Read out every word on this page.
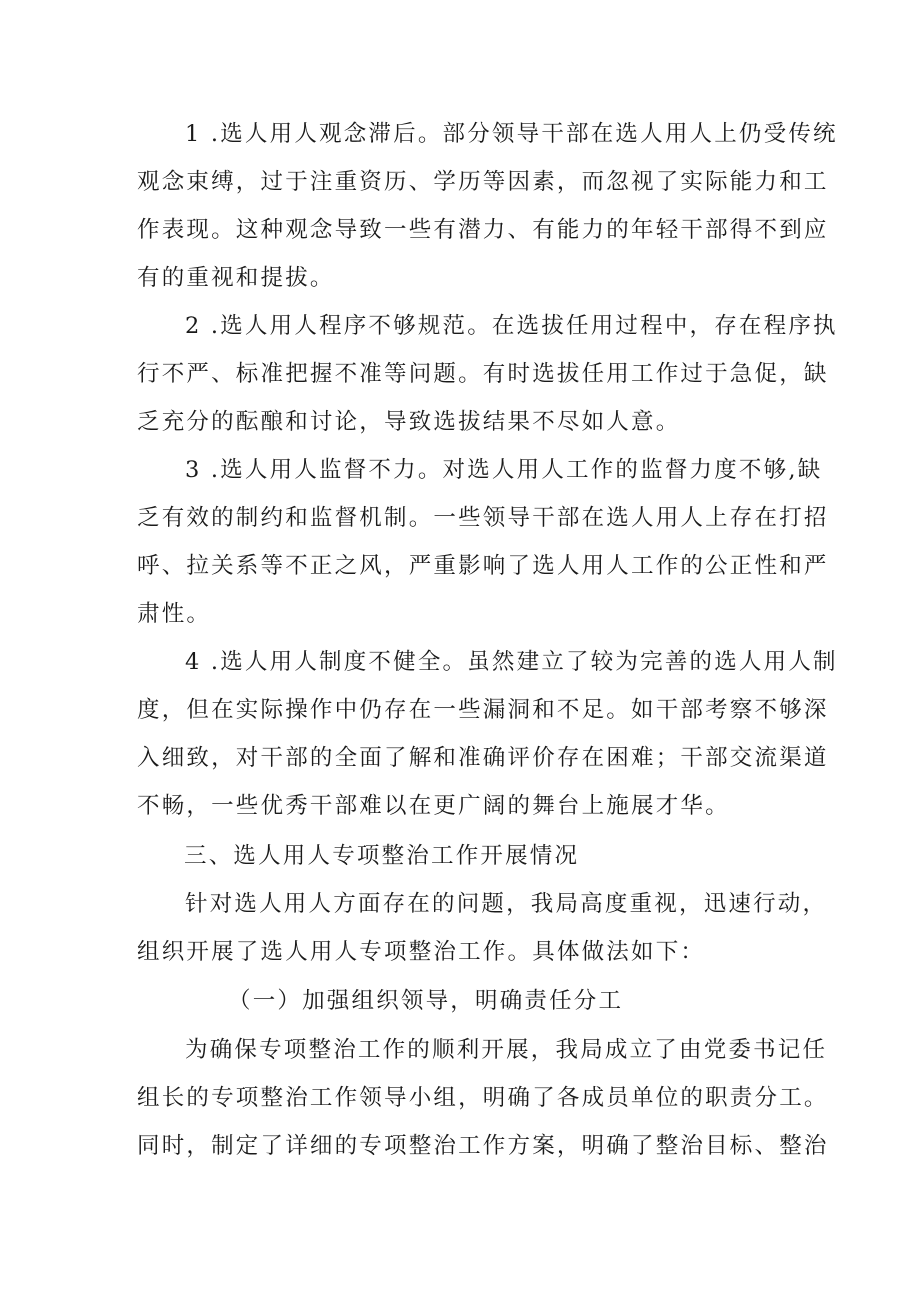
1 .选人用人观念滞后。部分领导干部在选人用人上仍受传统
观念束缚，过于注重资历、学历等因素，而忽视了实际能力和工
作表现。这种观念导致一些有潜力、有能力的年轻干部得不到应
有的重视和提拔。
2 .选人用人程序不够规范。在选拔任用过程中，存在程序执
行不严、标准把握不准等问题。有时选拔任用工作过于急促，缺
乏充分的酝酿和讨论，导致选拔结果不尽如人意。
3 .选人用人监督不力。对选人用人工作的监督力度不够,缺
乏有效的制约和监督机制。一些领导干部在选人用人上存在打招
呼、拉关系等不正之风，严重影响了选人用人工作的公正性和严
肃性。
4 .选人用人制度不健全。虽然建立了较为完善的选人用人制
度，但在实际操作中仍存在一些漏洞和不足。如干部考察不够深
入细致，对干部的全面了解和准确评价存在困难；干部交流渠道
不畅，一些优秀干部难以在更广阔的舞台上施展才华。
三、选人用人专项整治工作开展情况
针对选人用人方面存在的问题，我局高度重视，迅速行动，
组织开展了选人用人专项整治工作。具体做法如下：
（一）加强组织领导，明确责任分工
为确保专项整治工作的顺利开展，我局成立了由党委书记任
组长的专项整治工作领导小组，明确了各成员单位的职责分工。
同时，制定了详细的专项整治工作方案，明确了整治目标、整治
